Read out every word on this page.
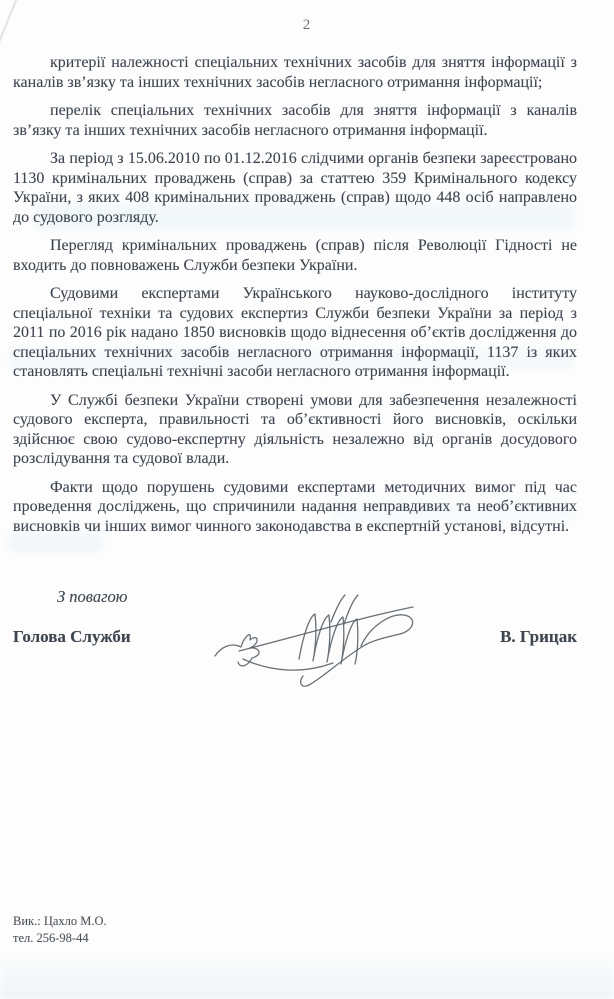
2

критерії належності спеціальних технічних засобів для зняття інформації з каналів зв’язку та інших технічних засобів негласного отримання інформації;

перелік спеціальних технічних засобів для зняття інформації з каналів зв’язку та інших технічних засобів негласного отримання інформації.

За період з 15.06.2010 по 01.12.2016 слідчими органів безпеки зареєстровано 1130 кримінальних проваджень (справ) за статтею 359 Кримінального кодексу України, з яких 408 кримінальних проваджень (справ) щодо 448 осіб направлено до судового розгляду.

Перегляд кримінальних проваджень (справ) після Революції Гідності не входить до повноважень Служби безпеки України.

Судовими експертами Українського науково-дослідного інституту спеціальної техніки та судових експертиз Служби безпеки України за період з 2011 по 2016 рік надано 1850 висновків щодо віднесення об’єктів дослідження до спеціальних технічних засобів негласного отримання інформації, 1137 із яких становлять спеціальні технічні засоби негласного отримання інформації.

У Службі безпеки України створені умови для забезпечення незалежності судового експерта, правильності та об’єктивності його висновків, оскільки здійснює свою судово-експертну діяльність незалежно від органів досудового розслідування та судової влади.

Факти щодо порушень судовими експертами методичних вимог під час проведення досліджень, що спричинили надання неправдивих та необ’єктивних висновків чи інших вимог чинного законодавства в експертній установі, відсутні.

З повагою
Голова Служби	В. Грицак
Вик.: Цахло М.О.
тел. 256-98-44
